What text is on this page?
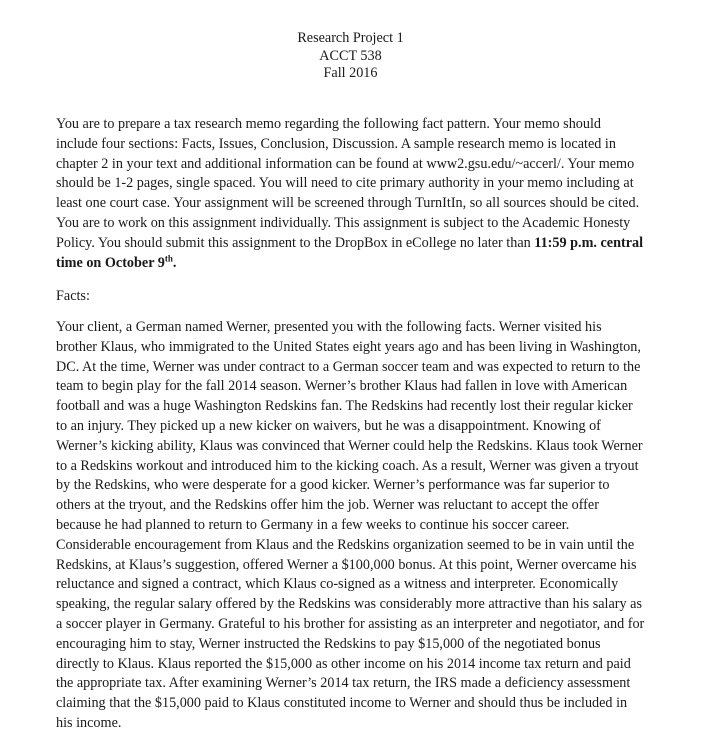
Research Project 1
ACCT 538
Fall 2016

You are to prepare a tax research memo regarding the following fact pattern. Your memo should include four sections: Facts, Issues, Conclusion, Discussion. A sample research memo is located in chapter 2 in your text and additional information can be found at www2.gsu.edu/~accerl/. Your memo should be 1-2 pages, single spaced. You will need to cite primary authority in your memo including at least one court case. Your assignment will be screened through TurnItIn, so all sources should be cited. You are to work on this assignment individually. This assignment is subject to the Academic Honesty Policy. You should submit this assignment to the DropBox in eCollege no later than 11:59 p.m. central time on October 9th.

Facts:

Your client, a German named Werner, presented you with the following facts. Werner visited his brother Klaus, who immigrated to the United States eight years ago and has been living in Washington, DC. At the time, Werner was under contract to a German soccer team and was expected to return to the team to begin play for the fall 2014 season. Werner’s brother Klaus had fallen in love with American football and was a huge Washington Redskins fan. The Redskins had recently lost their regular kicker to an injury. They picked up a new kicker on waivers, but he was a disappointment. Knowing of Werner’s kicking ability, Klaus was convinced that Werner could help the Redskins. Klaus took Werner to a Redskins workout and introduced him to the kicking coach. As a result, Werner was given a tryout by the Redskins, who were desperate for a good kicker. Werner’s performance was far superior to others at the tryout, and the Redskins offer him the job. Werner was reluctant to accept the offer because he had planned to return to Germany in a few weeks to continue his soccer career. Considerable encouragement from Klaus and the Redskins organization seemed to be in vain until the Redskins, at Klaus’s suggestion, offered Werner a $100,000 bonus. At this point, Werner overcame his reluctance and signed a contract, which Klaus co-signed as a witness and interpreter. Economically speaking, the regular salary offered by the Redskins was considerably more attractive than his salary as a soccer player in Germany. Grateful to his brother for assisting as an interpreter and negotiator, and for encouraging him to stay, Werner instructed the Redskins to pay $15,000 of the negotiated bonus directly to Klaus. Klaus reported the $15,000 as other income on his 2014 income tax return and paid the appropriate tax. After examining Werner’s 2014 tax return, the IRS made a deficiency assessment claiming that the $15,000 paid to Klaus constituted income to Werner and should thus be included in his income.
